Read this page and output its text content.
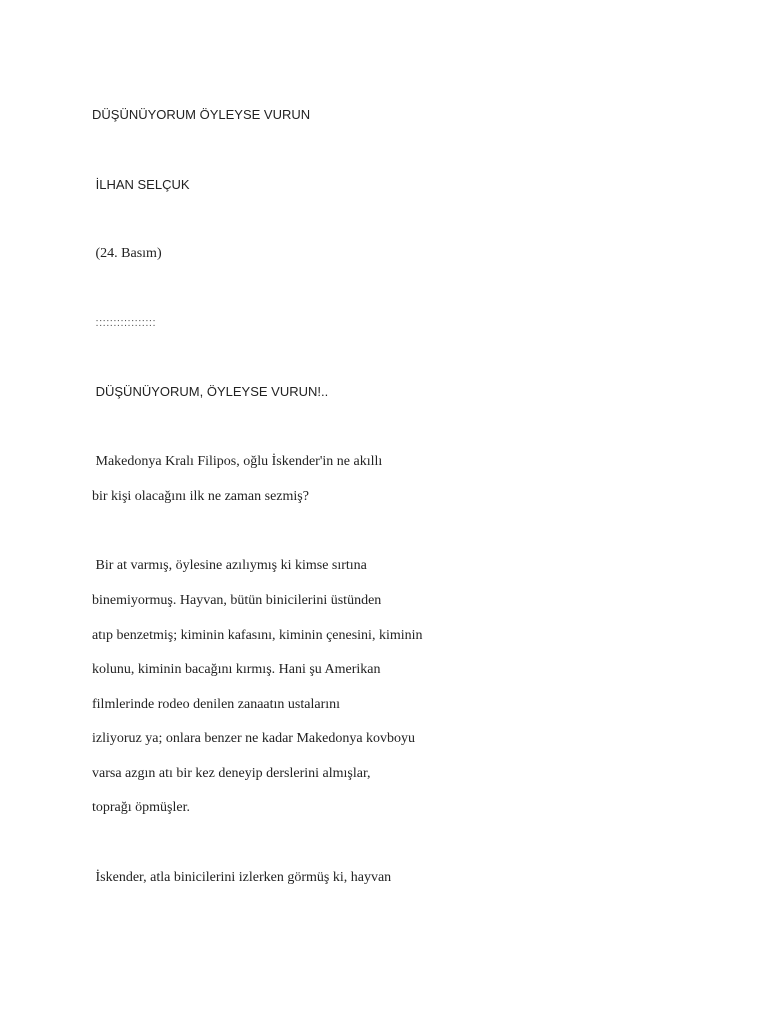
DÜŞÜNÜYORUM ÖYLEYSE VURUN
İLHAN SELÇUK
(24. Basım)
:::::::::::::::::
DÜŞÜNÜYORUM, ÖYLEYSE VURUN!..
Makedonya Kralı Filipos, oğlu İskender'in ne akıllı
bir kişi olacağını ilk ne zaman sezmiş?
Bir at varmış, öylesine azılıymış ki kimse sırtına
binemiyormuş. Hayvan, bütün binicilerini üstünden
atıp benzetmiş; kiminin kafasını, kiminin çenesini, kiminin
kolunu, kiminin bacağını kırmış. Hani şu Amerikan
filmlerinde rodeo denilen zanaatın ustalarını
izliyoruz ya; onlara benzer ne kadar Makedonya kovboyu
varsa azgın atı bir kez deneyip derslerini almışlar,
toprağı öpmüşler.
İskender, atla binicilerini izlerken görmüş ki, hayvan
